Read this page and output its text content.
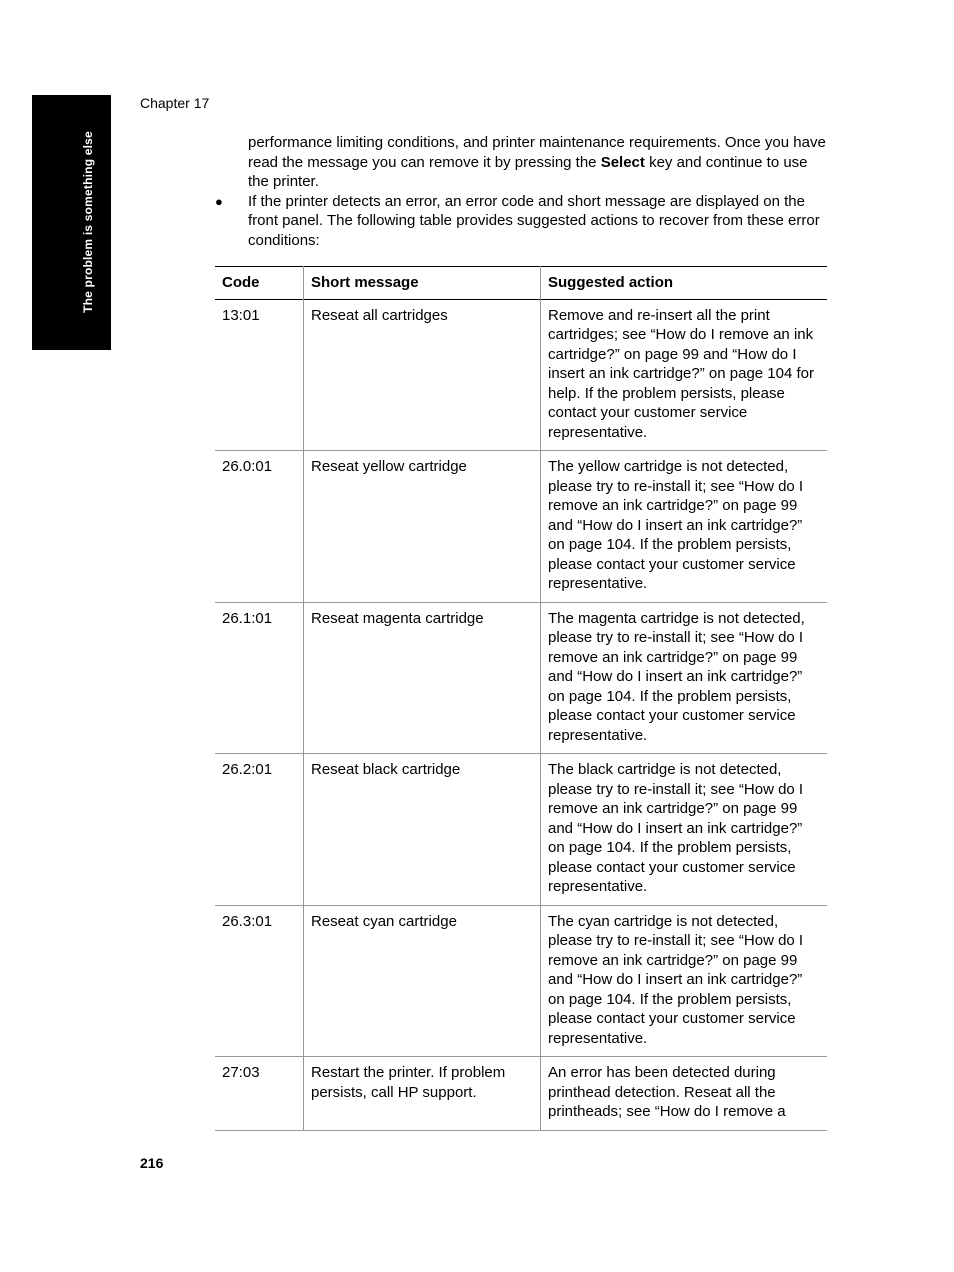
The problem is something else
Chapter 17

performance limiting conditions, and printer maintenance requirements. Once you have read the message you can remove it by pressing the Select key and continue to use the printer.

● If the printer detects an error, an error code and short message are displayed on the front panel. The following table provides suggested actions to recover from these error conditions:

Code	Short message	Suggested action
13:01	Reseat all cartridges	Remove and re-insert all the print cartridges; see “How do I remove an ink cartridge?” on page 99 and “How do I insert an ink cartridge?” on page 104 for help. If the problem persists, please contact your customer service representative.
26.0:01	Reseat yellow cartridge	The yellow cartridge is not detected, please try to re-install it; see “How do I remove an ink cartridge?” on page 99 and “How do I insert an ink cartridge?” on page 104. If the problem persists, please contact your customer service representative.
26.1:01	Reseat magenta cartridge	The magenta cartridge is not detected, please try to re-install it; see “How do I remove an ink cartridge?” on page 99 and “How do I insert an ink cartridge?” on page 104. If the problem persists, please contact your customer service representative.
26.2:01	Reseat black cartridge	The black cartridge is not detected, please try to re-install it; see “How do I remove an ink cartridge?” on page 99 and “How do I insert an ink cartridge?” on page 104. If the problem persists, please contact your customer service representative.
26.3:01	Reseat cyan cartridge	The cyan cartridge is not detected, please try to re-install it; see “How do I remove an ink cartridge?” on page 99 and “How do I insert an ink cartridge?” on page 104. If the problem persists, please contact your customer service representative.
27:03	Restart the printer. If problem persists, call HP support.	An error has been detected during printhead detection. Reseat all the printheads; see “How do I remove a
216
